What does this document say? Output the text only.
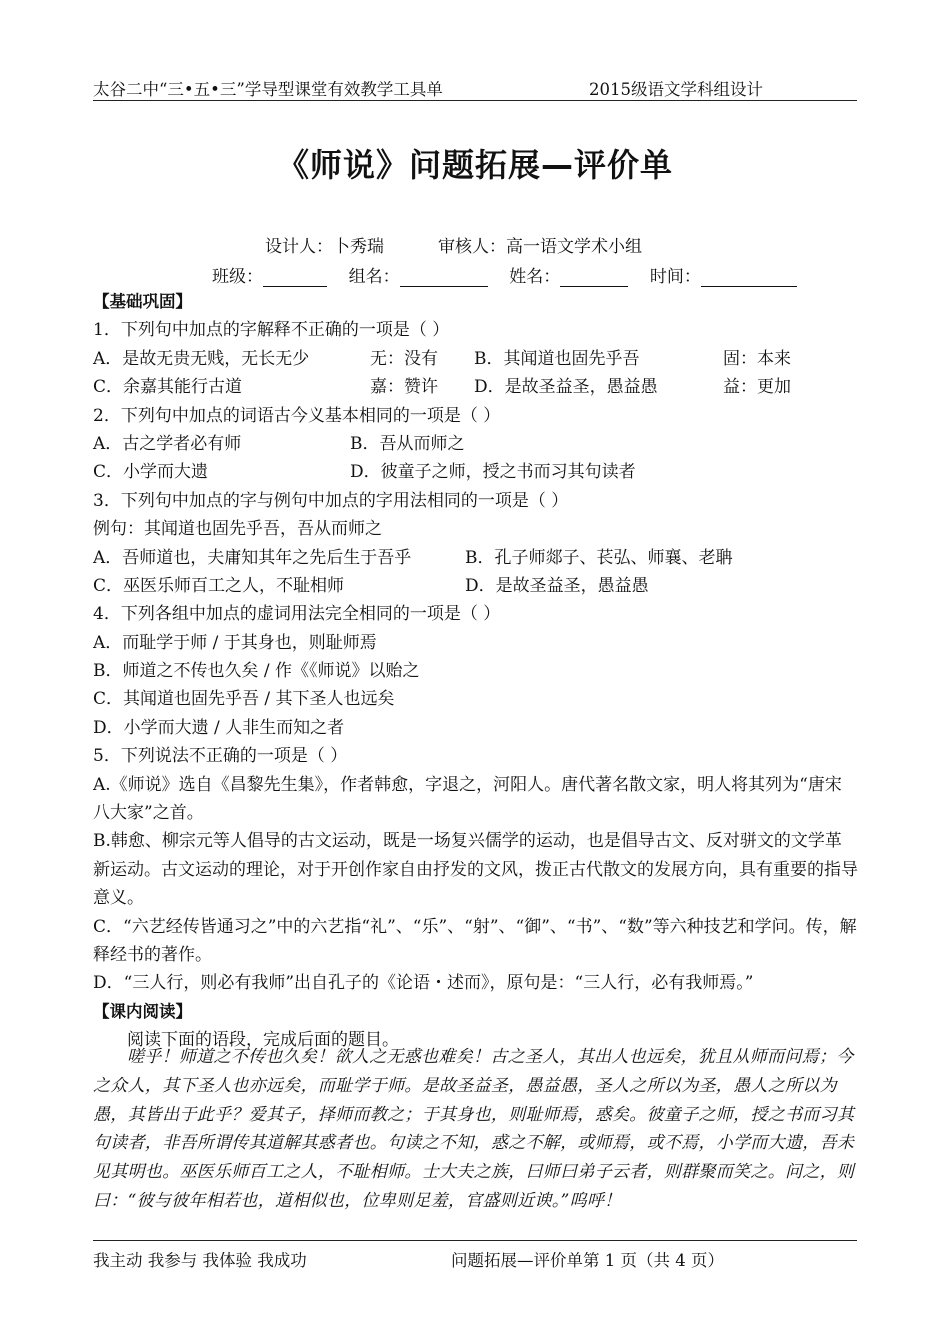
太谷二中“三•五•三”学导型课堂有效教学工具单	2015级语文学科组设计
《师说》问题拓展—评价单
设计人：卜秀瑞	审核人：高一语文学术小组
班级：	组名：	姓名：	时间：
【基础巩固】
1．下列句中加点的字解释不正确的一项是（ ）
A．是故无贵无贱，无长无少	无：没有 B．其闻道也固先乎吾	固：本来
C．余嘉其能行古道	嘉：赞许 D．是故圣益圣，愚益愚	益：更加
2．下列句中加点的词语古今义基本相同的一项是（ ）
A．古之学者必有师	B．吾从而师之
C．小学而大遗	D．彼童子之师，授之书而习其句读者
3．下列句中加点的字与例句中加点的字用法相同的一项是（ ）
例句：其闻道也固先乎吾，吾从而师之
A．吾师道也，夫庸知其年之先后生于吾乎	B．孔子师郯子、苌弘、师襄、老聃
C．巫医乐师百工之人，不耻相师	D．是故圣益圣，愚益愚
4．下列各组中加点的虚词用法完全相同的一项是（ ）
A．而耻学于师 / 于其身也，则耻师焉
B．师道之不传也久矣 / 作《《师说》以贻之
C．其闻道也固先乎吾 / 其下圣人也远矣
D．小学而大遗 / 人非生而知之者
5．下列说法不正确的一项是（ ）
A.《师说》选自《昌黎先生集》，作者韩愈，字退之，河阳人。唐代著名散文家，明人将其列为“唐宋八大家”之首。
B.韩愈、柳宗元等人倡导的古文运动，既是一场复兴儒学的运动，也是倡导古文、反对骈文的文学革新运动。古文运动的理论，对于开创作家自由抒发的文风，拨正古代散文的发展方向，具有重要的指导意义。
C．“六艺经传皆通习之”中的六艺指“礼”、“乐”、“射”、“御”、“书”、“数”等六种技艺和学问。传，解释经书的著作。
D．“三人行，则必有我师”出自孔子的《论语・述而》，原句是：“三人行，必有我师焉。”
【课内阅读】
阅读下面的语段，完成后面的题目。
嗟乎！师道之不传也久矣！欲人之无惑也难矣！古之圣人，其出人也远矣，犹且从师而问焉；今之众人，其下圣人也亦远矣，而耻学于师。是故圣益圣，愚益愚，圣人之所以为圣，愚人之所以为愚，其皆出于此乎？爱其子，择师而教之；于其身也，则耻师焉，惑矣。彼童子之师，授之书而习其句读者，非吾所谓传其道解其惑者也。句读之不知，惑之不解，或师焉，或不焉，小学而大遗，吾未见其明也。巫医乐师百工之人，不耻相师。士大夫之族，曰师曰弟子云者，则群聚而笑之。问之，则曰：“彼与彼年相若也，道相似也，位卑则足羞，官盛则近谀。”呜呼！
我主动 我参与 我体验 我成功	问题拓展—评价单第 1 页（共 4 页）
